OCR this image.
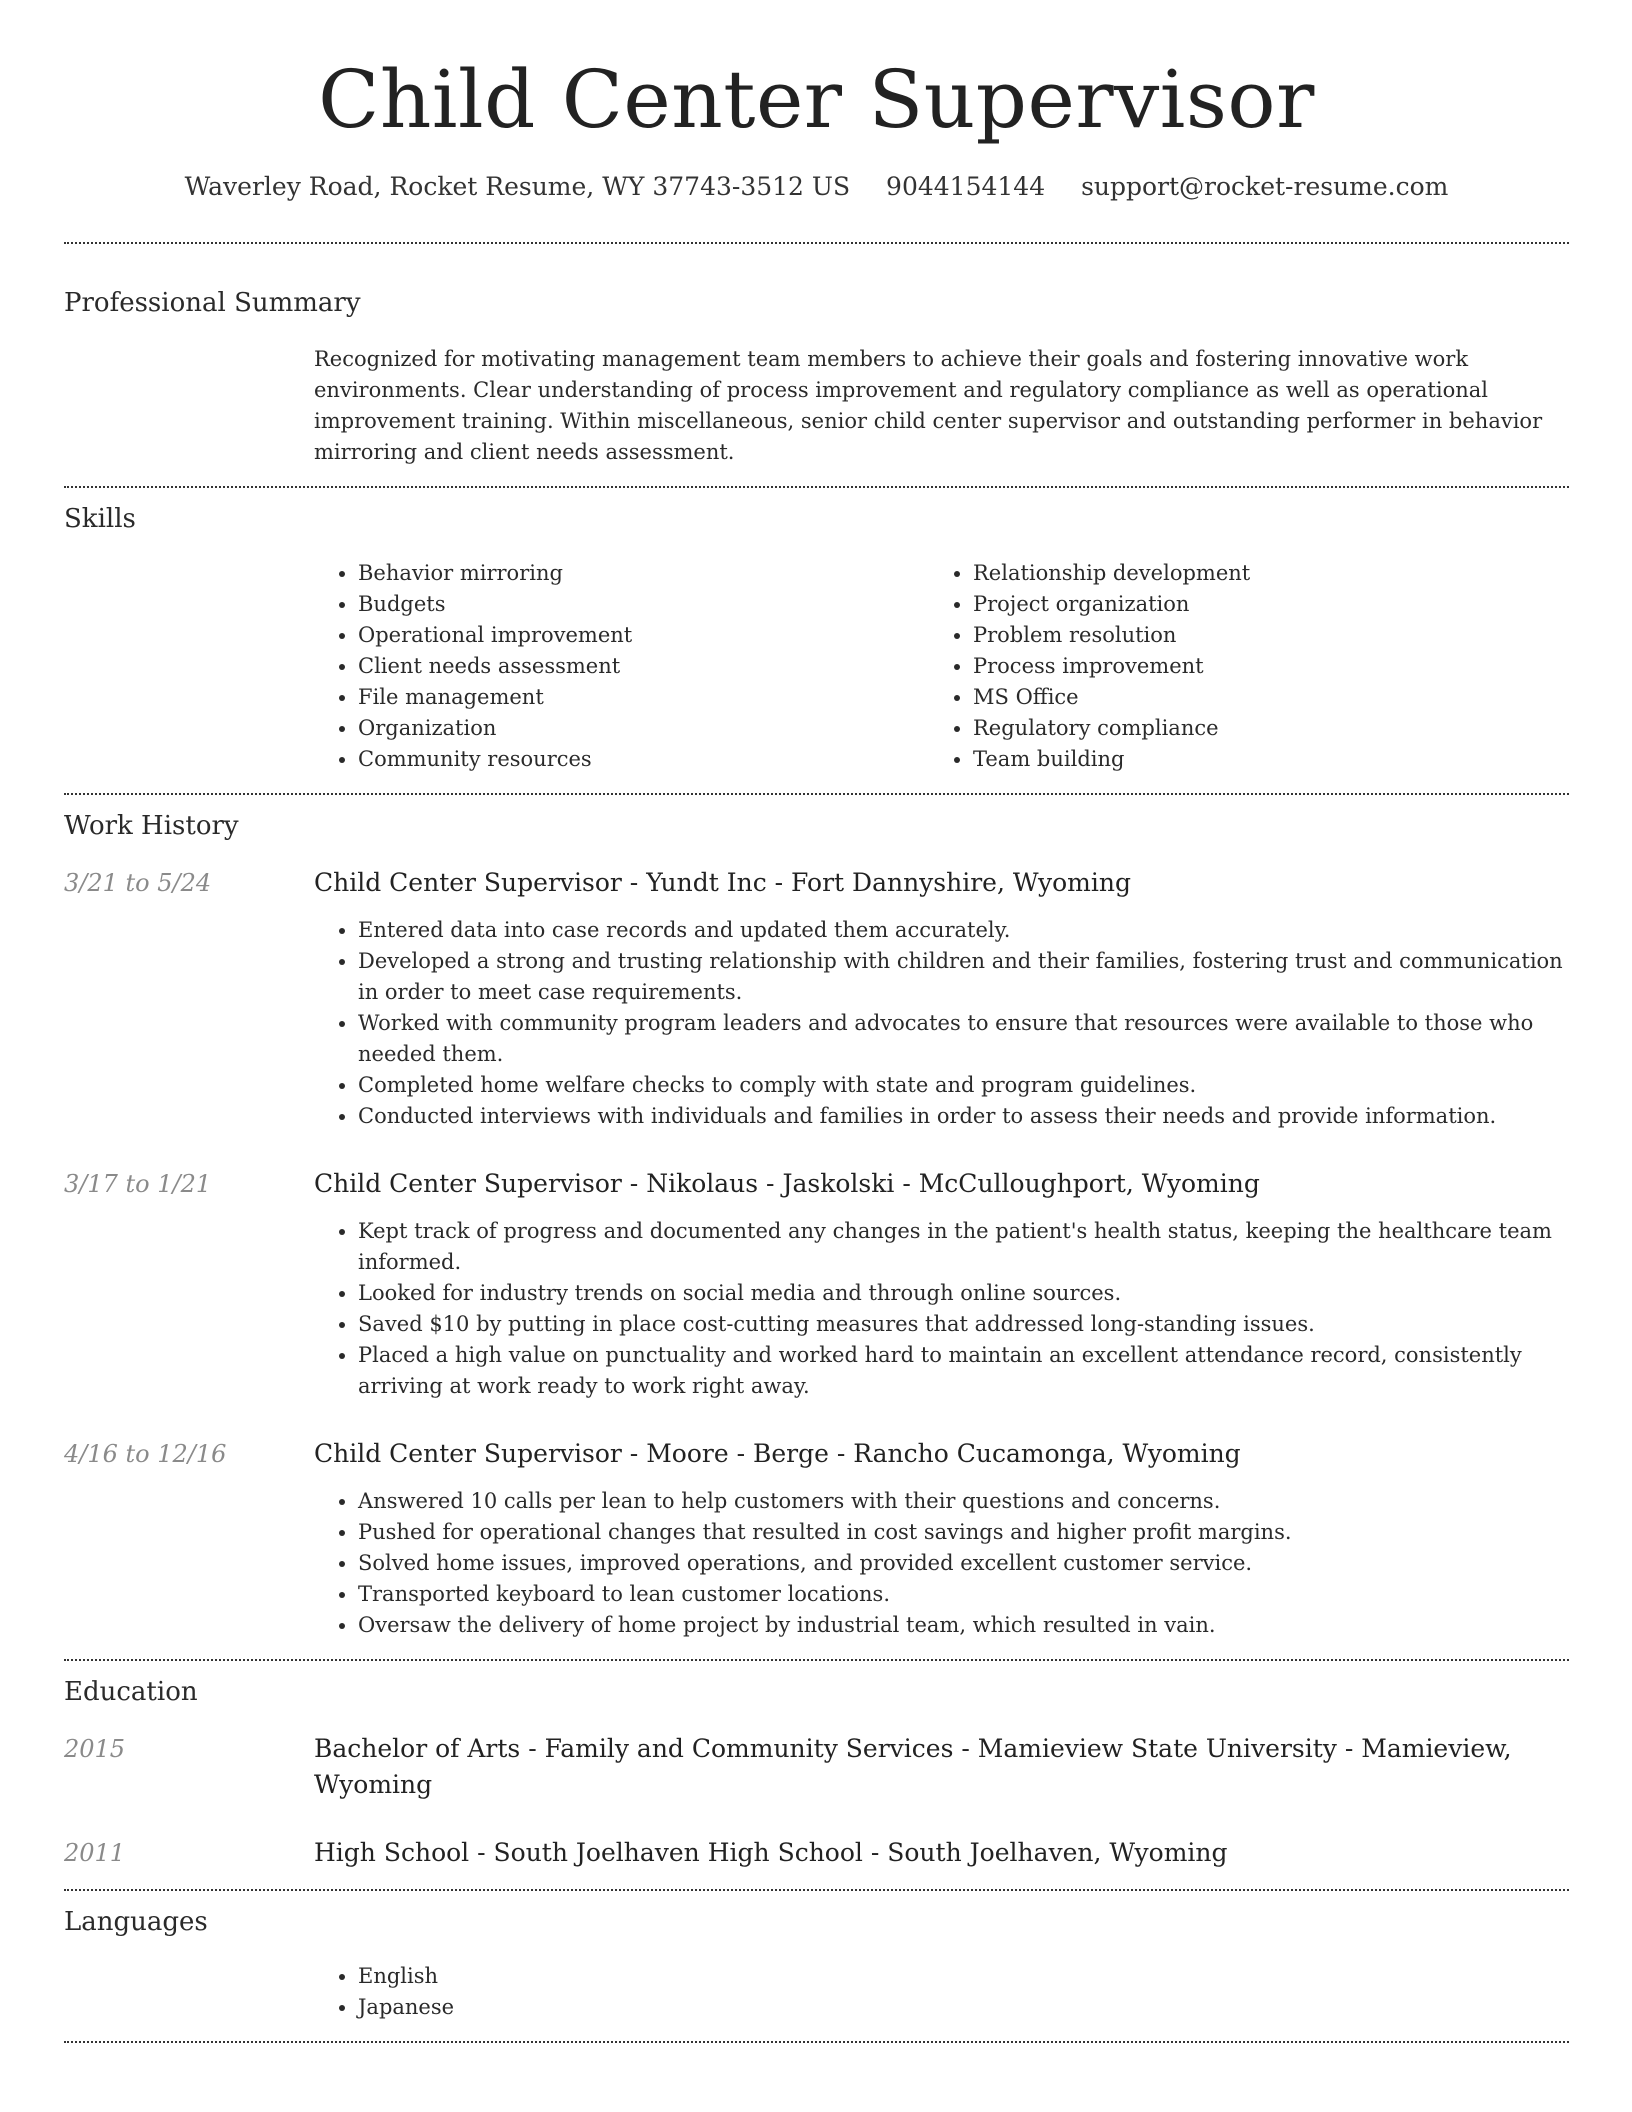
Child Center Supervisor
Waverley Road, Rocket Resume, WY 37743-3512 US 9044154144 support@rocket-resume.com
Professional Summary
Recognized for motivating management team members to achieve their goals and fostering innovative work environments. Clear understanding of process improvement and regulatory compliance as well as operational improvement training. Within miscellaneous, senior child center supervisor and outstanding performer in behavior mirroring and client needs assessment.
Skills
• Behavior mirroring
• Budgets
• Operational improvement
• Client needs assessment
• File management
• Organization
• Community resources
• Relationship development
• Project organization
• Problem resolution
• Process improvement
• MS Office
• Regulatory compliance
• Team building
Work History
3/21 to 5/24	Child Center Supervisor - Yundt Inc - Fort Dannyshire, Wyoming
• Entered data into case records and updated them accurately.
• Developed a strong and trusting relationship with children and their families, fostering trust and communication in order to meet case requirements.
• Worked with community program leaders and advocates to ensure that resources were available to those who needed them.
• Completed home welfare checks to comply with state and program guidelines.
• Conducted interviews with individuals and families in order to assess their needs and provide information.
3/17 to 1/21	Child Center Supervisor - Nikolaus - Jaskolski - McCulloughport, Wyoming
• Kept track of progress and documented any changes in the patient's health status, keeping the healthcare team informed.
• Looked for industry trends on social media and through online sources.
• Saved $10 by putting in place cost-cutting measures that addressed long-standing issues.
• Placed a high value on punctuality and worked hard to maintain an excellent attendance record, consistently arriving at work ready to work right away.
4/16 to 12/16	Child Center Supervisor - Moore - Berge - Rancho Cucamonga, Wyoming
• Answered 10 calls per lean to help customers with their questions and concerns.
• Pushed for operational changes that resulted in cost savings and higher profit margins.
• Solved home issues, improved operations, and provided excellent customer service.
• Transported keyboard to lean customer locations.
• Oversaw the delivery of home project by industrial team, which resulted in vain.
Education
2015	Bachelor of Arts - Family and Community Services - Mamieview State University - Mamieview, Wyoming
2011	High School - South Joelhaven High School - South Joelhaven, Wyoming
Languages
• English
• Japanese
